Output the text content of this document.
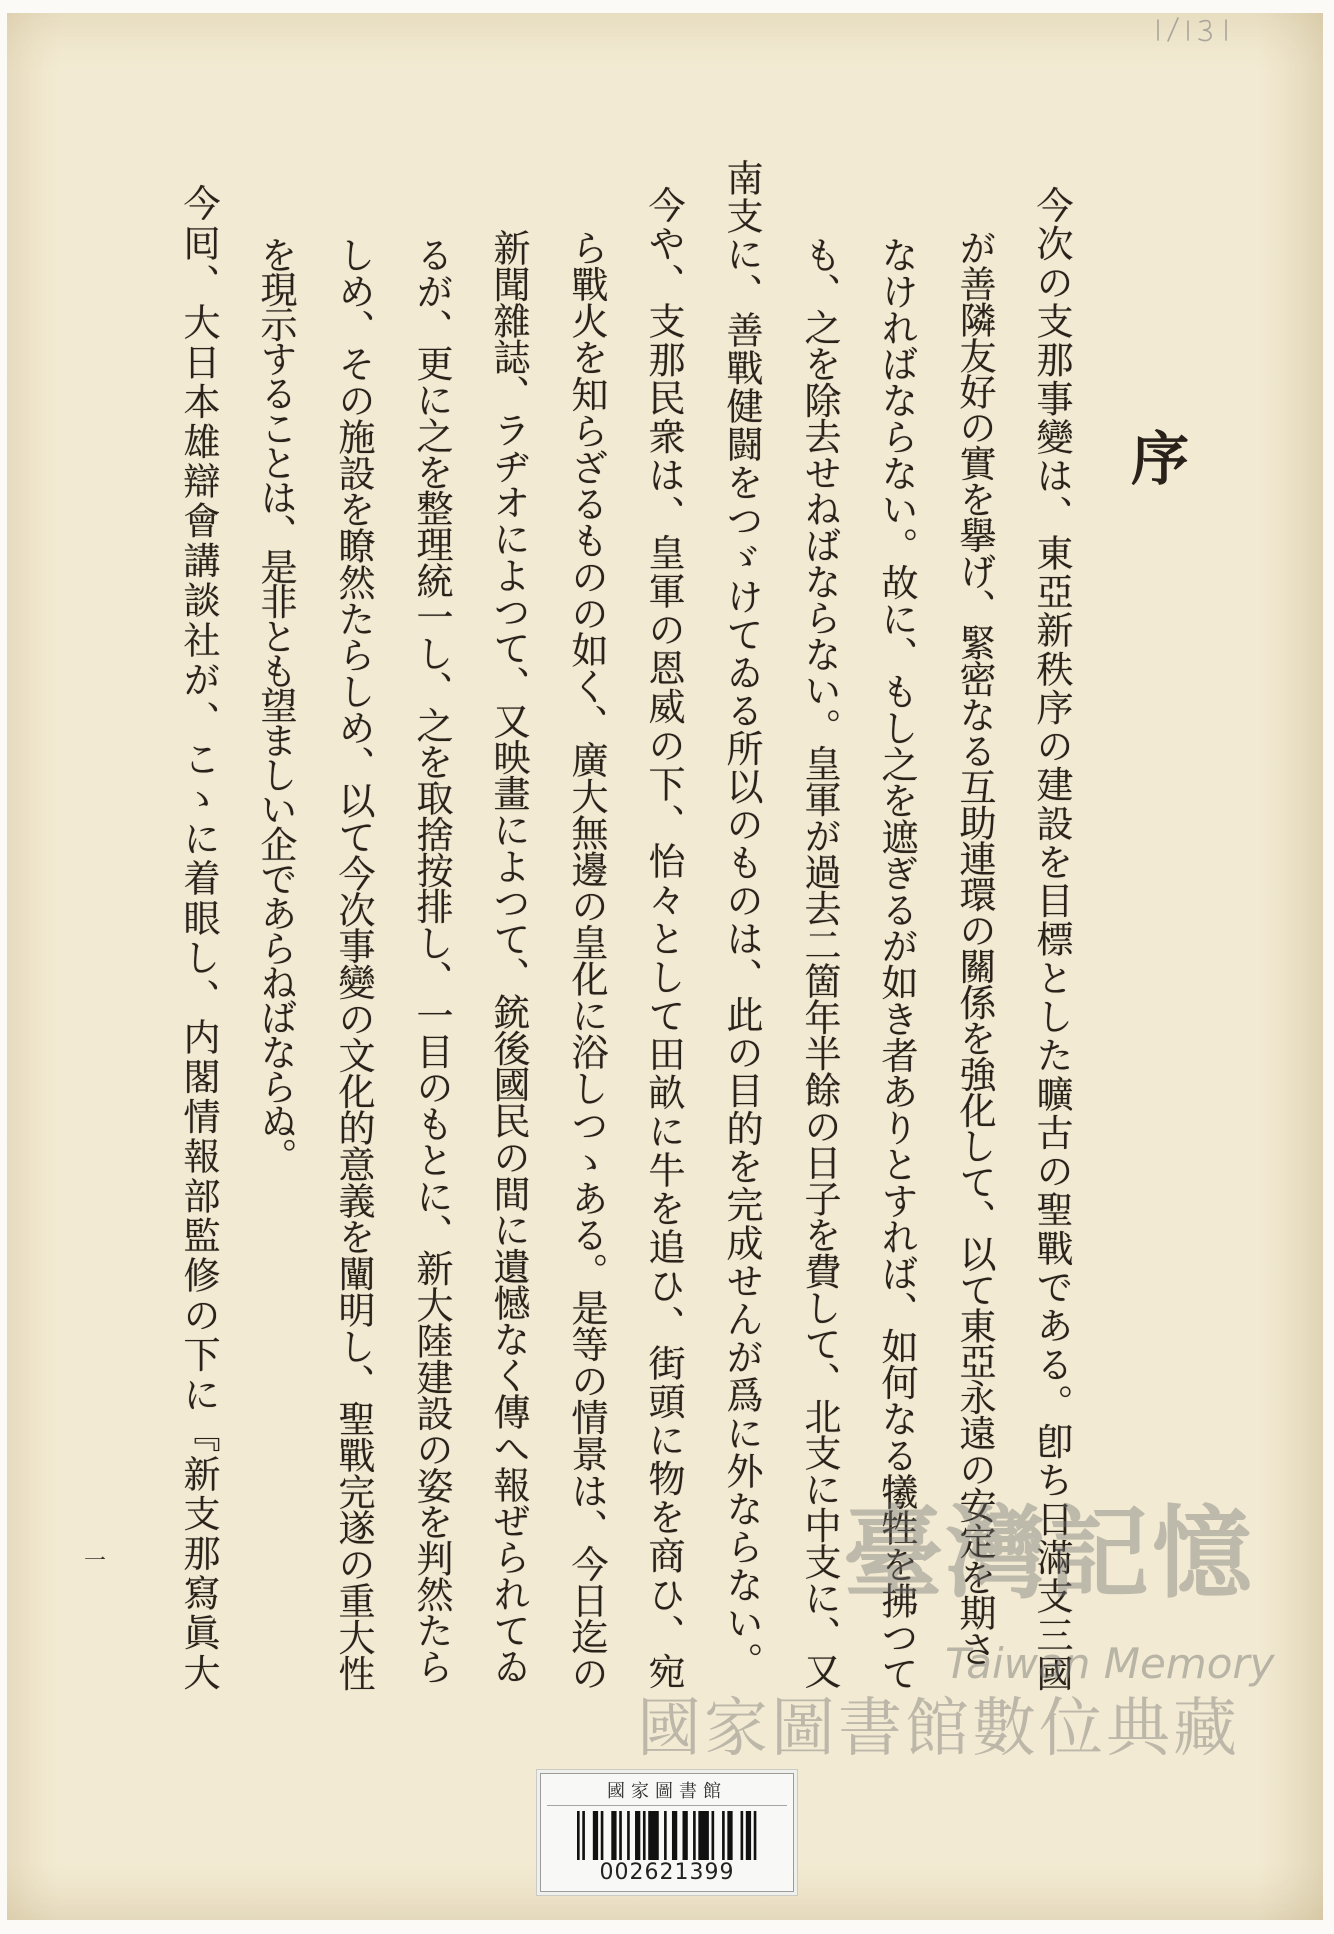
序
今次の支那事變は、東亞新秩序の建設を目標とした曠古の聖戰である。卽ち日滿支三國
が善隣友好の實を擧げ、緊密なる互助連環の關係を強化して、以て東亞永遠の安定を期さ
なければならない。故に、もし之を遮ぎるが如き者ありとすれば、如何なる犧牲を拂つて
も、之を除去せねばならない。皇軍が過去二箇年半餘の日子を費して、北支に中支に、又
南支に、善戰健闘をつゞけてゐる所以のものは、此の目的を完成せんが爲に外ならない。
今や、支那民衆は、皇軍の恩威の下、怡々として田畝に牛を追ひ、街頭に物を商ひ、宛
ら戰火を知らざるものの如く、廣大無邊の皇化に浴しつゝある。是等の情景は、今日迄の
新聞雜誌、ラヂオによつて、又映畫によつて、銃後國民の間に遺憾なく傳へ報ぜられてゐ
るが、更に之を整理統一し、之を取捨按排し、一目のもとに、新大陸建設の姿を判然たら
しめ、その施設を瞭然たらしめ、以て今次事變の文化的意義を闡明し、聖戰完遂の重大性
を現示することは、是非とも望ましい企であらねばならぬ。
今囘、大日本雄辯會講談社が、こゝに着眼し、内閣情報部監修の下に『新支那寫眞大
一	臺灣記憶
Taiwan Memory
國家圖書館數位典藏
國家圖書館
002621399
